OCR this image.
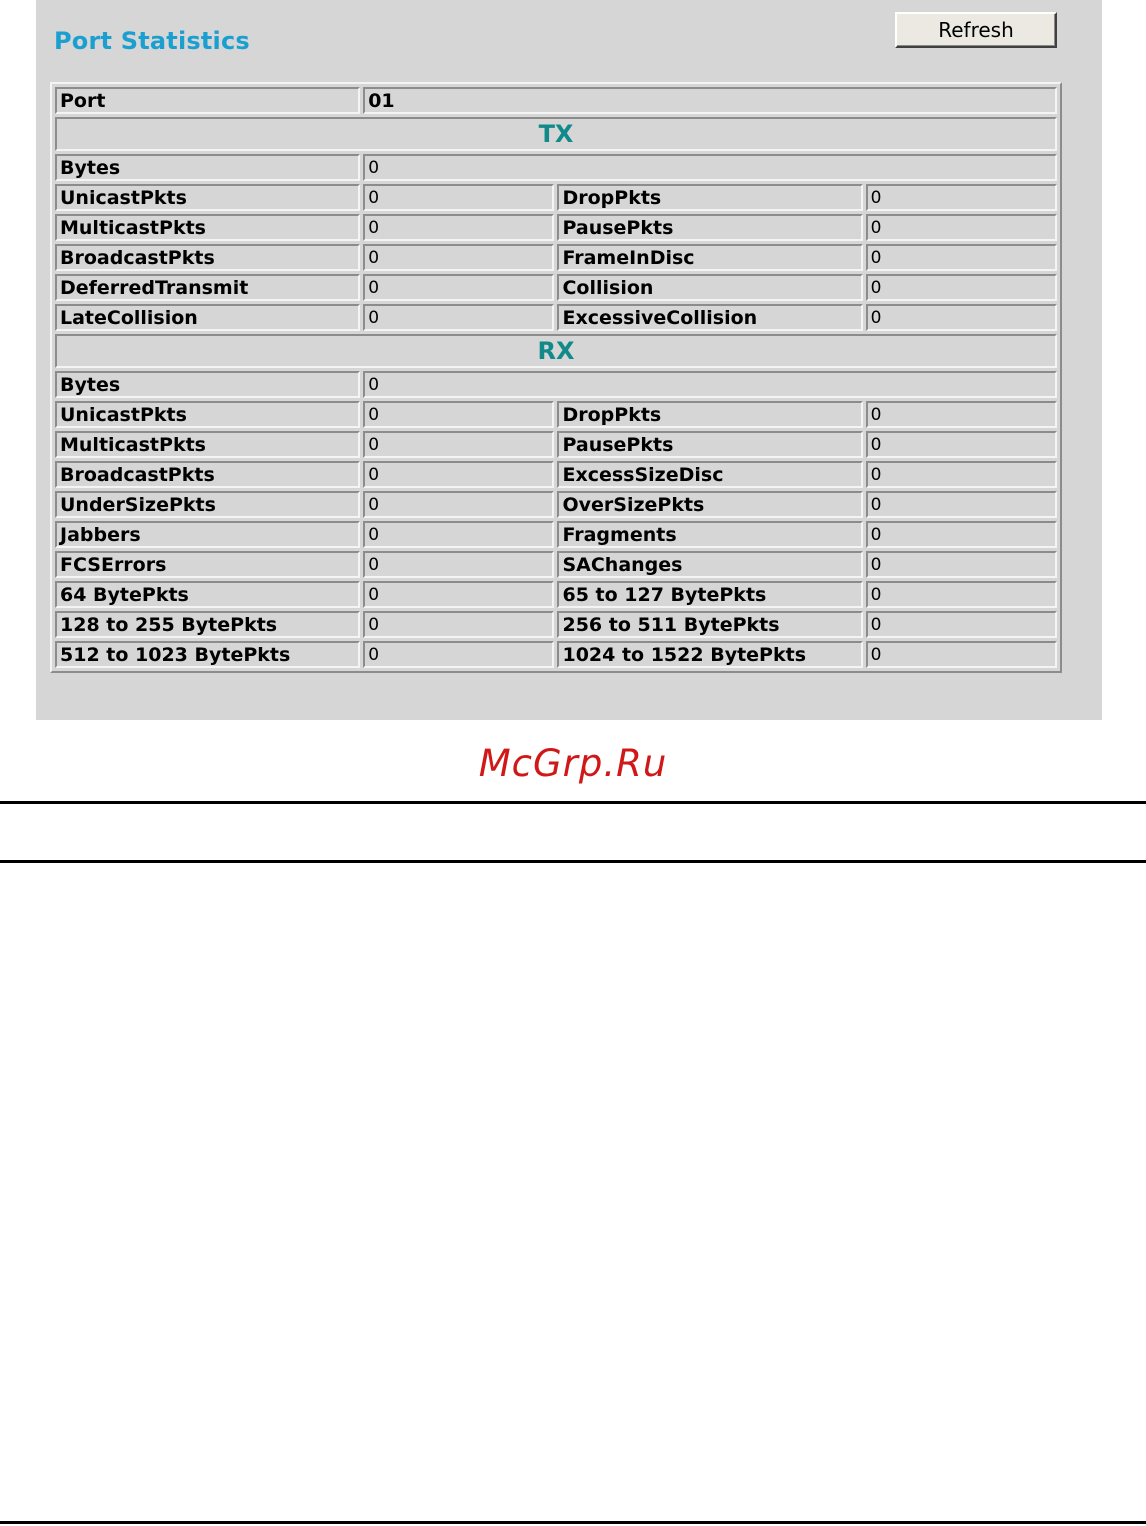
Port Statistics	Refresh
Port	01		
TX			
Bytes	0		
UnicastPkts	0	DropPkts	0
MulticastPkts	0	PausePkts	0
BroadcastPkts	0	FrameInDisc	0
DeferredTransmit	0	Collision	0
LateCollision	0	ExcessiveCollision	0
RX			
Bytes	0		
UnicastPkts	0	DropPkts	0
MulticastPkts	0	PausePkts	0
BroadcastPkts	0	ExcessSizeDisc	0
UnderSizePkts	0	OverSizePkts	0
Jabbers	0	Fragments	0
FCSErrors	0	SAChanges	0
64 BytePkts	0	65 to 127 BytePkts	0
128 to 255 BytePkts	0	256 to 511 BytePkts	0
512 to 1023 BytePkts	0	1024 to 1522 BytePkts	0
McGrp.Ru
